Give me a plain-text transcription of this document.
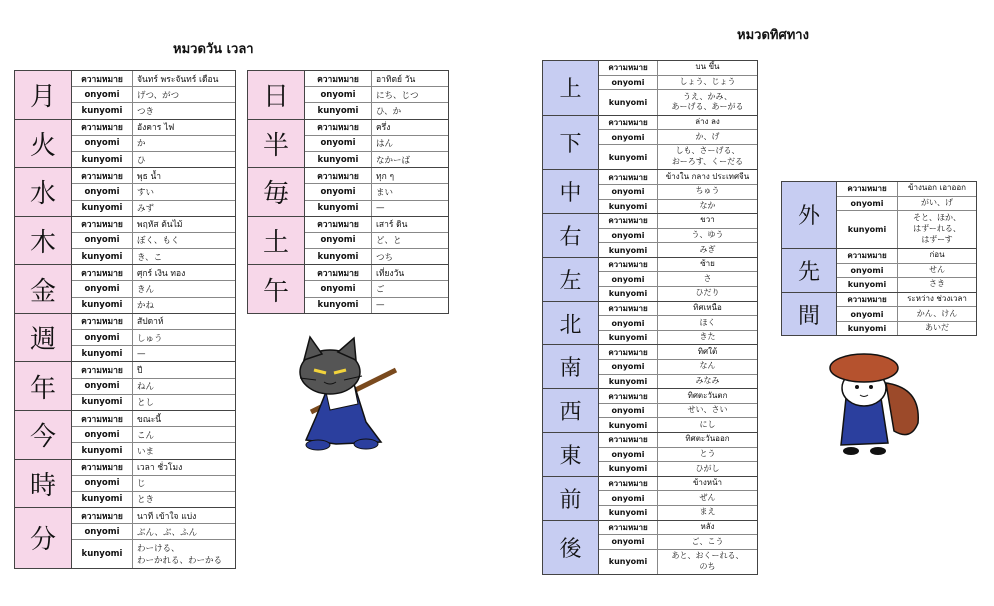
หมวดวัน เวลา
หมวดทิศทาง
月
ความหมาย	จันทร์ พระจันทร์ เดือน
onyomi	げつ、がつ
kunyomi	つき
火
ความหมาย	อังคาร ไฟ
onyomi	か
kunyomi	ひ
水
ความหมาย	พุธ น้ำ
onyomi	すい
kunyomi	みず
木
ความหมาย	พฤหัส ต้นไม้
onyomi	ぼく、もく
kunyomi	き、こ
金
ความหมาย	ศุกร์ เงิน ทอง
onyomi	きん
kunyomi	かね
週
ความหมาย	สัปดาห์
onyomi	しゅう
kunyomi	—
年
ความหมาย	ปี
onyomi	ねん
kunyomi	とし
今
ความหมาย	ขณะนี้
onyomi	こん
kunyomi	いま
時
ความหมาย	เวลา ชั่วโมง
onyomi	じ
kunyomi	とき
分
ความหมาย	นาที เข้าใจ แบ่ง
onyomi	ぶん、ぶ、ふん
kunyomi	わーける、
わーかれる、わーかる
日
ความหมาย	อาทิตย์ วัน
onyomi	にち、じつ
kunyomi	ひ、か
半
ความหมาย	ครึ่ง
onyomi	はん
kunyomi	なかーば
毎
ความหมาย	ทุก ๆ
onyomi	まい
kunyomi	—
土
ความหมาย	เสาร์ ดิน
onyomi	ど、と
kunyomi	つち
午
ความหมาย	เที่ยงวัน
onyomi	ご
kunyomi	—
上
ความหมาย	บน ขึ้น
onyomi	しょう、じょう
kunyomi
うえ、かみ、
あーげる、あーがる
下
ความหมาย	ล่าง ลง
onyomi	か、げ
kunyomi
しも、さーげる、
おーろす、くーだる
中
ความหมาย	ข้างใน กลาง ประเทศจีน
onyomi	ちゅう
kunyomi	なか
右
ความหมาย	ขวา
onyomi	う、ゆう
kunyomi	みぎ
左
ความหมาย	ซ้าย
onyomi	さ
kunyomi	ひだり
北
ความหมาย	ทิศเหนือ
onyomi	ほく
kunyomi	きた
南
ความหมาย	ทิศใต้
onyomi	なん
kunyomi	みなみ
西
ความหมาย	ทิศตะวันตก
onyomi	せい、さい
kunyomi	にし
東
ความหมาย	ทิศตะวันออก
onyomi	とう
kunyomi	ひがし
前
ความหมาย	ข้างหน้า
onyomi	ぜん
kunyomi	まえ
後
ความหมาย	หลัง
onyomi	ご、こう
kunyomi
あと、おくーれる、
のち
外
ความหมาย	ข้างนอก เอาออก
onyomi	がい、げ
kunyomi
そと、ほか、
はずーれる、
はずーす
先
ความหมาย	ก่อน
onyomi	せん
kunyomi	さき
間
ความหมาย	ระหว่าง ช่วงเวลา
onyomi	かん、けん
kunyomi	あいだ
